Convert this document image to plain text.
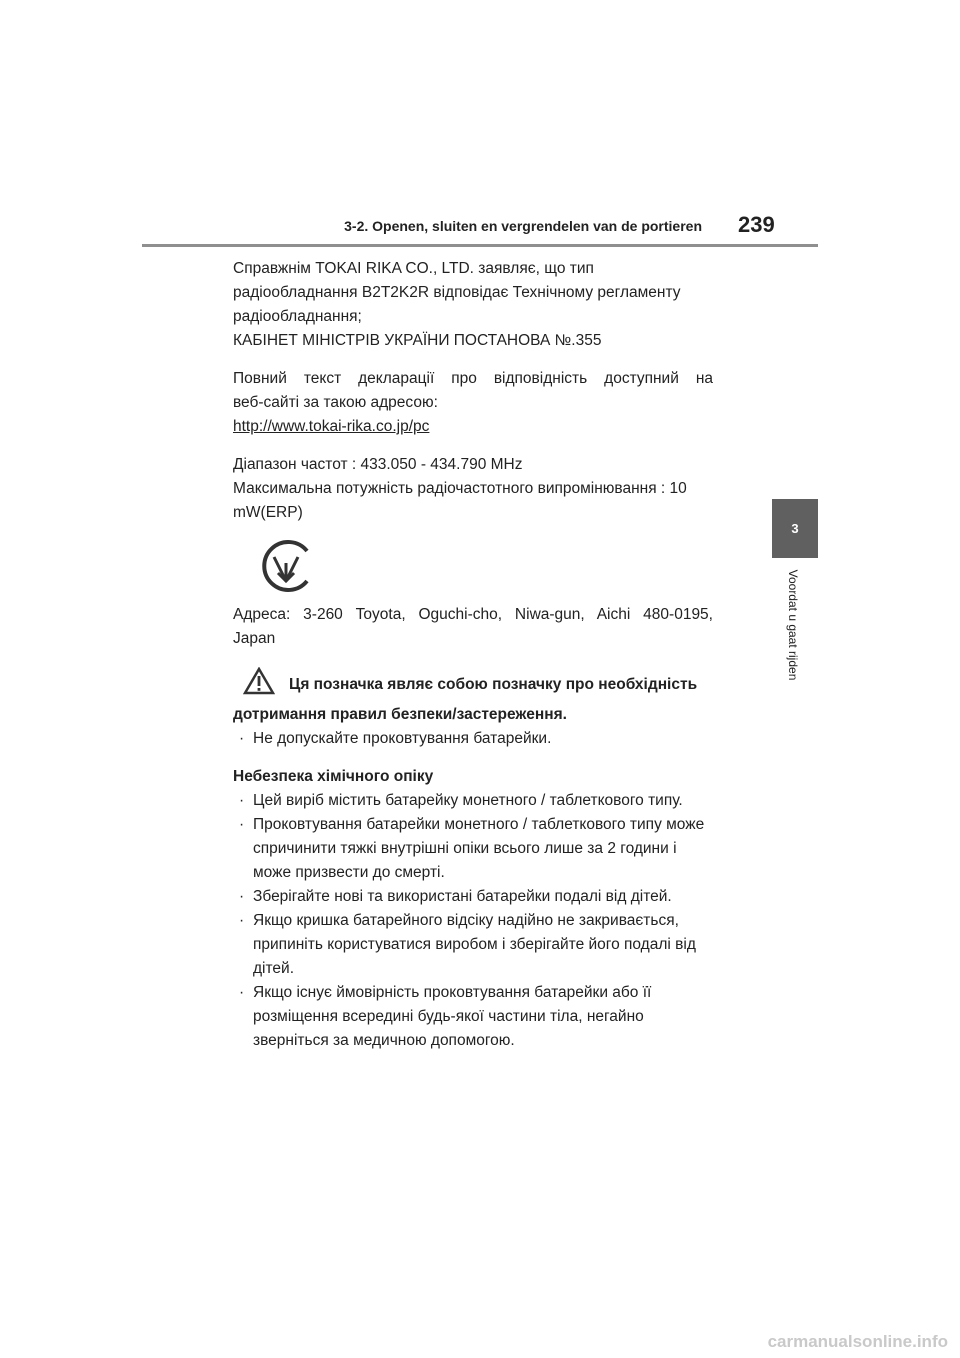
3-2. Openen, sluiten en vergrendelen van de portieren 239
3
Voordat u gaat rijden

Справжнім TOKAI RIKA CO., LTD. заявляє, що тип

радіообладнання B2T2K2R відповідає Технічному регламенту

радіообладнання;

КАБІНЕТ МІНІСТРІВ УКРАЇНИ ПОСТАНОВА №.355

Повний текст декларації про відповідність доступний на

веб-сайті за такою адресою:

http://www.tokai-rika.co.jp/pc

Діапазон частот : 433.050 - 434.790 MHz

Максимальна потужність радіочастотного випромінювання : 10

mW(ERP)

Адреса: 3-260 Toyota, Oguchi-cho, Niwa-gun, Aichi 480-0195,

Japan

Ця позначка являє собою позначку про необхідність

дотримання правил безпеки/застереження.

· Не допускайте проковтування батарейки.

Небезпека хімічного опіку

· Цей виріб містить батарейку монетного / таблеткового типу.

· Проковтування батарейки монетного / таблеткового типу може спричинити тяжкі внутрішні опіки всього лише за 2 години і може призвести до смерті.

· Зберігайте нові та використані батарейки подалі від дітей.

· Якщо кришка батарейного відсіку надійно не закривається, припиніть користуватися виробом і зберігайте його подалі від дітей.

· Якщо існує ймовірність проковтування батарейки або її розміщення всередині будь-якої частини тіла, негайно зверніться за медичною допомогою.

carmanualsonline.info
